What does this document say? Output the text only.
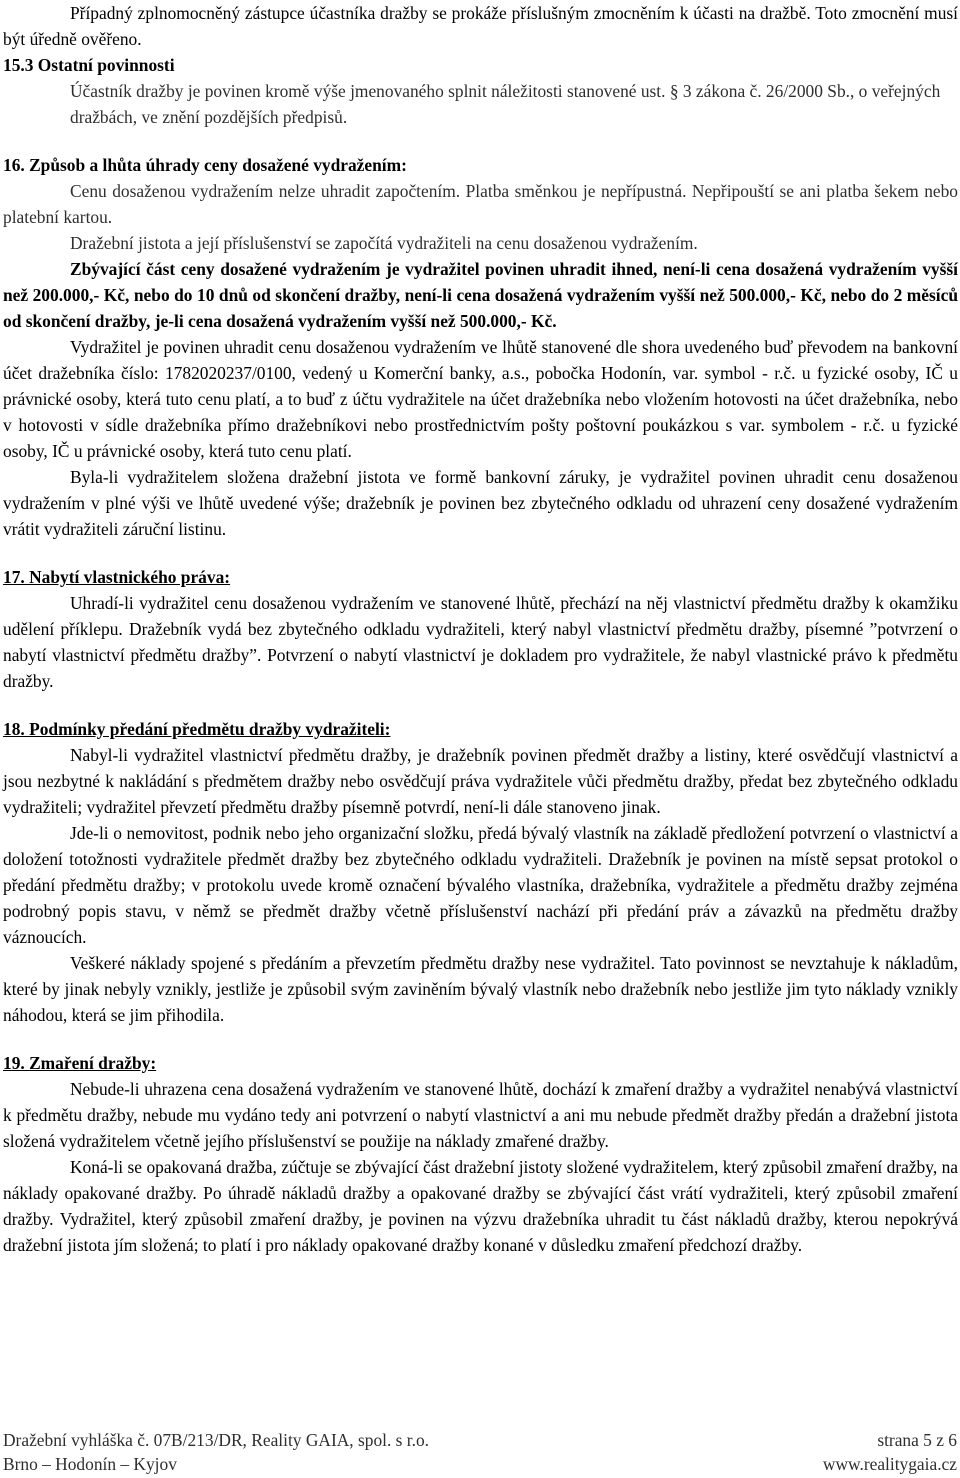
Případný zplnomocněný zástupce účastníka dražby se prokáže příslušným zmocněním k účasti na dražbě. Toto zmocnění musí být úředně ověřeno.

15.3 Ostatní povinnosti

Účastník dražby je povinen kromě výše jmenovaného splnit náležitosti stanovené ust. § 3 zákona č. 26/2000 Sb., o veřejných dražbách, ve znění pozdějších předpisů.

16. Způsob a lhůta úhrady ceny dosažené vydražením:

Cenu dosaženou vydražením nelze uhradit započtením. Platba směnkou je nepřípustná. Nepřipouští se ani platba šekem nebo platební kartou.

Dražební jistota a její příslušenství se započítá vydražiteli na cenu dosaženou vydražením.

Zbývající část ceny dosažené vydražením je vydražitel povinen uhradit ihned, není-li cena dosažená vydražením vyšší než 200.000,- Kč, nebo do 10 dnů od skončení dražby, není-li cena dosažená vydražením vyšší než 500.000,- Kč, nebo do 2 měsíců od skončení dražby, je-li cena dosažená vydražením vyšší než 500.000,- Kč.

Vydražitel je povinen uhradit cenu dosaženou vydražením ve lhůtě stanovené dle shora uvedeného buď převodem na bankovní účet dražebníka číslo: 1782020237/0100, vedený u Komerční banky, a.s., pobočka Hodonín, var. symbol - r.č. u fyzické osoby, IČ u právnické osoby, která tuto cenu platí, a to buď z účtu vydražitele na účet dražebníka nebo vložením hotovosti na účet dražebníka, nebo v hotovosti v sídle dražebníka přímo dražebníkovi nebo prostřednictvím pošty poštovní poukázkou s var. symbolem - r.č. u fyzické osoby, IČ u právnické osoby, která tuto cenu platí.

Byla-li vydražitelem složena dražební jistota ve formě bankovní záruky, je vydražitel povinen uhradit cenu dosaženou vydražením v plné výši ve lhůtě uvedené výše; dražebník je povinen bez zbytečného odkladu od uhrazení ceny dosažené vydražením vrátit vydražiteli záruční listinu.

17. Nabytí vlastnického práva:

Uhradí-li vydražitel cenu dosaženou vydražením ve stanovené lhůtě, přechází na něj vlastnictví předmětu dražby k okamžiku udělení příklepu. Dražebník vydá bez zbytečného odkladu vydražiteli, který nabyl vlastnictví předmětu dražby, písemné ”potvrzení o nabytí vlastnictví předmětu dražby”. Potvrzení o nabytí vlastnictví je dokladem pro vydražitele, že nabyl vlastnické právo k předmětu dražby.

18. Podmínky předání předmětu dražby vydražiteli:

Nabyl-li vydražitel vlastnictví předmětu dražby, je dražebník povinen předmět dražby a listiny, které osvědčují vlastnictví a jsou nezbytné k nakládání s předmětem dražby nebo osvědčují práva vydražitele vůči předmětu dražby, předat bez zbytečného odkladu vydražiteli; vydražitel převzetí předmětu dražby písemně potvrdí, není-li dále stanoveno jinak.

Jde-li o nemovitost, podnik nebo jeho organizační složku, předá bývalý vlastník na základě předložení potvrzení o vlastnictví a doložení totožnosti vydražitele předmět dražby bez zbytečného odkladu vydražiteli. Dražebník je povinen na místě sepsat protokol o předání předmětu dražby; v protokolu uvede kromě označení bývalého vlastníka, dražebníka, vydražitele a předmětu dražby zejména podrobný popis stavu, v němž se předmět dražby včetně příslušenství nachází při předání práv a závazků na předmětu dražby váznoucích.

Veškeré náklady spojené s předáním a převzetím předmětu dražby nese vydražitel. Tato povinnost se nevztahuje k nákladům, které by jinak nebyly vznikly, jestliže je způsobil svým zaviněním bývalý vlastník nebo dražebník nebo jestliže jim tyto náklady vznikly náhodou, která se jim přihodila.

19. Zmaření dražby:

Nebude-li uhrazena cena dosažená vydražením ve stanovené lhůtě, dochází k zmaření dražby a vydražitel nenabývá vlastnictví k předmětu dražby, nebude mu vydáno tedy ani potvrzení o nabytí vlastnictví a ani mu nebude předmět dražby předán a dražební jistota složená vydražitelem včetně jejího příslušenství se použije na náklady zmařené dražby.

Koná-li se opakovaná dražba, zúčtuje se zbývající část dražební jistoty složené vydražitelem, který způsobil zmaření dražby, na náklady opakované dražby. Po úhradě nákladů dražby a opakované dražby se zbývající část vrátí vydražiteli, který způsobil zmaření dražby. Vydražitel, který způsobil zmaření dražby, je povinen na výzvu dražebníka uhradit tu část nákladů dražby, kterou nepokrývá dražební jistota jím složená; to platí i pro náklady opakované dražby konané v důsledku zmaření předchozí dražby.

Dražební vyhláška č. 07B/213/DR, Reality GAIA, spol. s r.o.	strana 5 z 6
Brno – Hodonín – Kyjov	www.realitygaia.cz
